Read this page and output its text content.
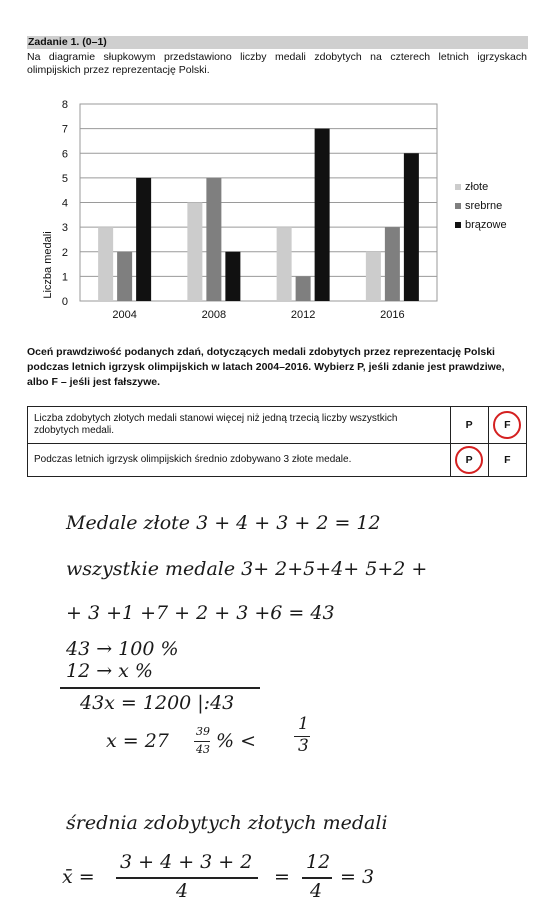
Zadanie 1. (0–1)
Na diagramie słupkowym przedstawiono liczby medali zdobytych na czterech letnich igrzyskach olimpijskich przez reprezentację Polski.
0
1
2
3
4
5
6
7
8
2004	2008	2012	2016
złote
srebrne
brązowe
Liczba medali
Oceń prawdziwość podanych zdań, dotyczących medali zdobytych przez reprezentację Polski podczas letnich igrzysk olimpijskich w latach 2004–2016. Wybierz P, jeśli zdanie jest prawdziwe, albo F – jeśli jest fałszywe.
Liczba zdobytych złotych medali stanowi więcej niż jedną trzecią liczby wszystkich zdobytych medali.	P	F
Podczas letnich igrzysk olimpijskich średnio zdobywano 3 złote medale.	P	F
Medale złote 3 + 4 + 3 + 2 = 12
wszystkie medale 3+ 2+5+4+ 5+2 +
+ 3 +1 +7 + 2 + 3 +6 = 43
43 → 100 %
12 → x %
43x = 1200 |:43
x = 27 39
43 % <
1
3
średnia zdobytych złotych medali
x̄ =
3 + 4 + 3 + 2
4
=
12
4
= 3
